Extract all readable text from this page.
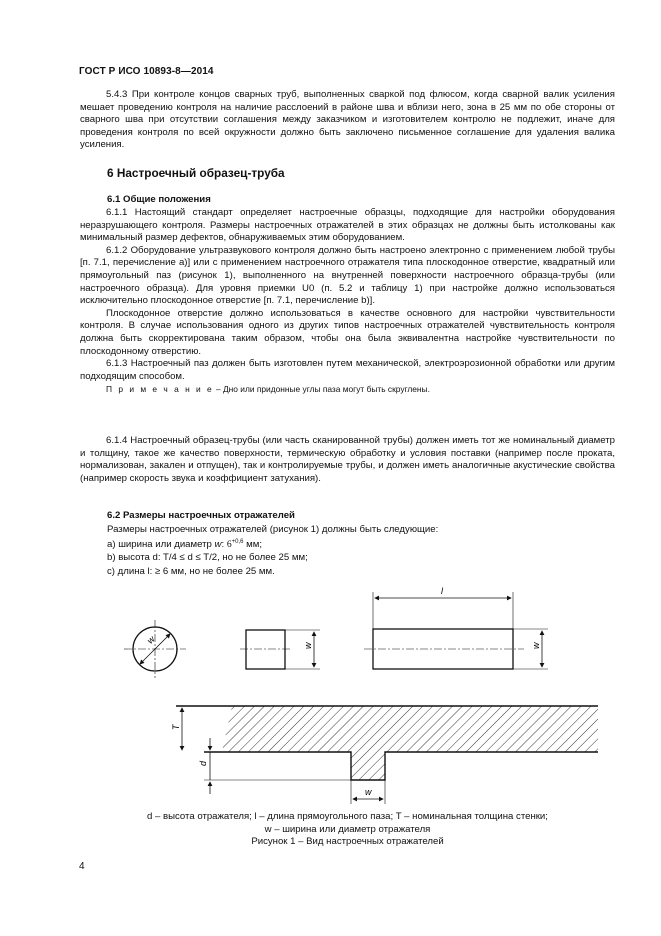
ГОСТ Р ИСО 10893-8—2014

5.4.3 При контроле концов сварных труб, выполненных сваркой под флюсом, когда сварной валик усиления мешает проведению контроля на наличие расслоений в районе шва и вблизи него, зона в 25 мм по обе стороны от сварного шва при отсутствии соглашения между заказчиком и изготовителем контролю не подлежит, иначе для проведения контроля по всей окружности должно быть заключено письменное соглашение для удаления валика усиления.

6 Настроечный образец-труба
6.1 Общие положения

6.1.1 Настоящий стандарт определяет настроечные образцы, подходящие для настройки оборудования неразрушающего контроля. Размеры настроечных отражателей в этих образцах не должны быть истолкованы как минимальный размер дефектов, обнаруживаемых этим оборудованием.

6.1.2 Оборудование ультразвукового контроля должно быть настроено электронно с применением любой трубы [п. 7.1, перечисление а)] или с применением настроечного отражателя типа плоскодонное отверстие, квадратный или прямоугольный паз (рисунок 1), выполненного на внутренней поверхности настроечного образца-трубы (или настроечного образца). Для уровня приемки U0 (п. 5.2 и таблицу 1) при настройке должно использоваться исключительно плоскодонное отверстие [п. 7.1, перечисление b)].

Плоскодонное отверстие должно использоваться в качестве основного для настройки чувствительности контроля. В случае использования одного из других типов настроечных отражателей чувствительность контроля должна быть скорректирована таким образом, чтобы она была эквивалентна настройке чувствительности по плоскодонному отверстию.

6.1.3 Настроечный паз должен быть изготовлен путем механической, электроэрозионной обработки или другим подходящим способом.

П р и м е ч а н и е – Дно или придонные углы паза могут быть скруглены.

6.1.4 Настроечный образец-трубы (или часть сканированной трубы) должен иметь тот же номинальный диаметр и толщину, такое же качество поверхности, термическую обработку и условия поставки (например после проката, нормализован, закален и отпущен), так и контролируемые трубы, и должен иметь аналогичные акустические свойства (например скорость звука и коэффициент затухания).

6.2 Размеры настроечных отражателей
Размеры настроечных отражателей (рисунок 1) должны быть следующие:
а) ширина или диаметр w: $6^{+0,6}$ мм;
b) высота d: T/4 ≤ d ≤ T/2, но не более 25 мм;
c) длина l: ≥ 6 мм, но не более 25 мм.
w
w
l
w
T
d
w
d – высота отражателя; l – длина прямоугольного паза; T – номинальная толщина стенки;
w – ширина или диаметр отражателя
Рисунок 1 – Вид настроечных отражателей
4
